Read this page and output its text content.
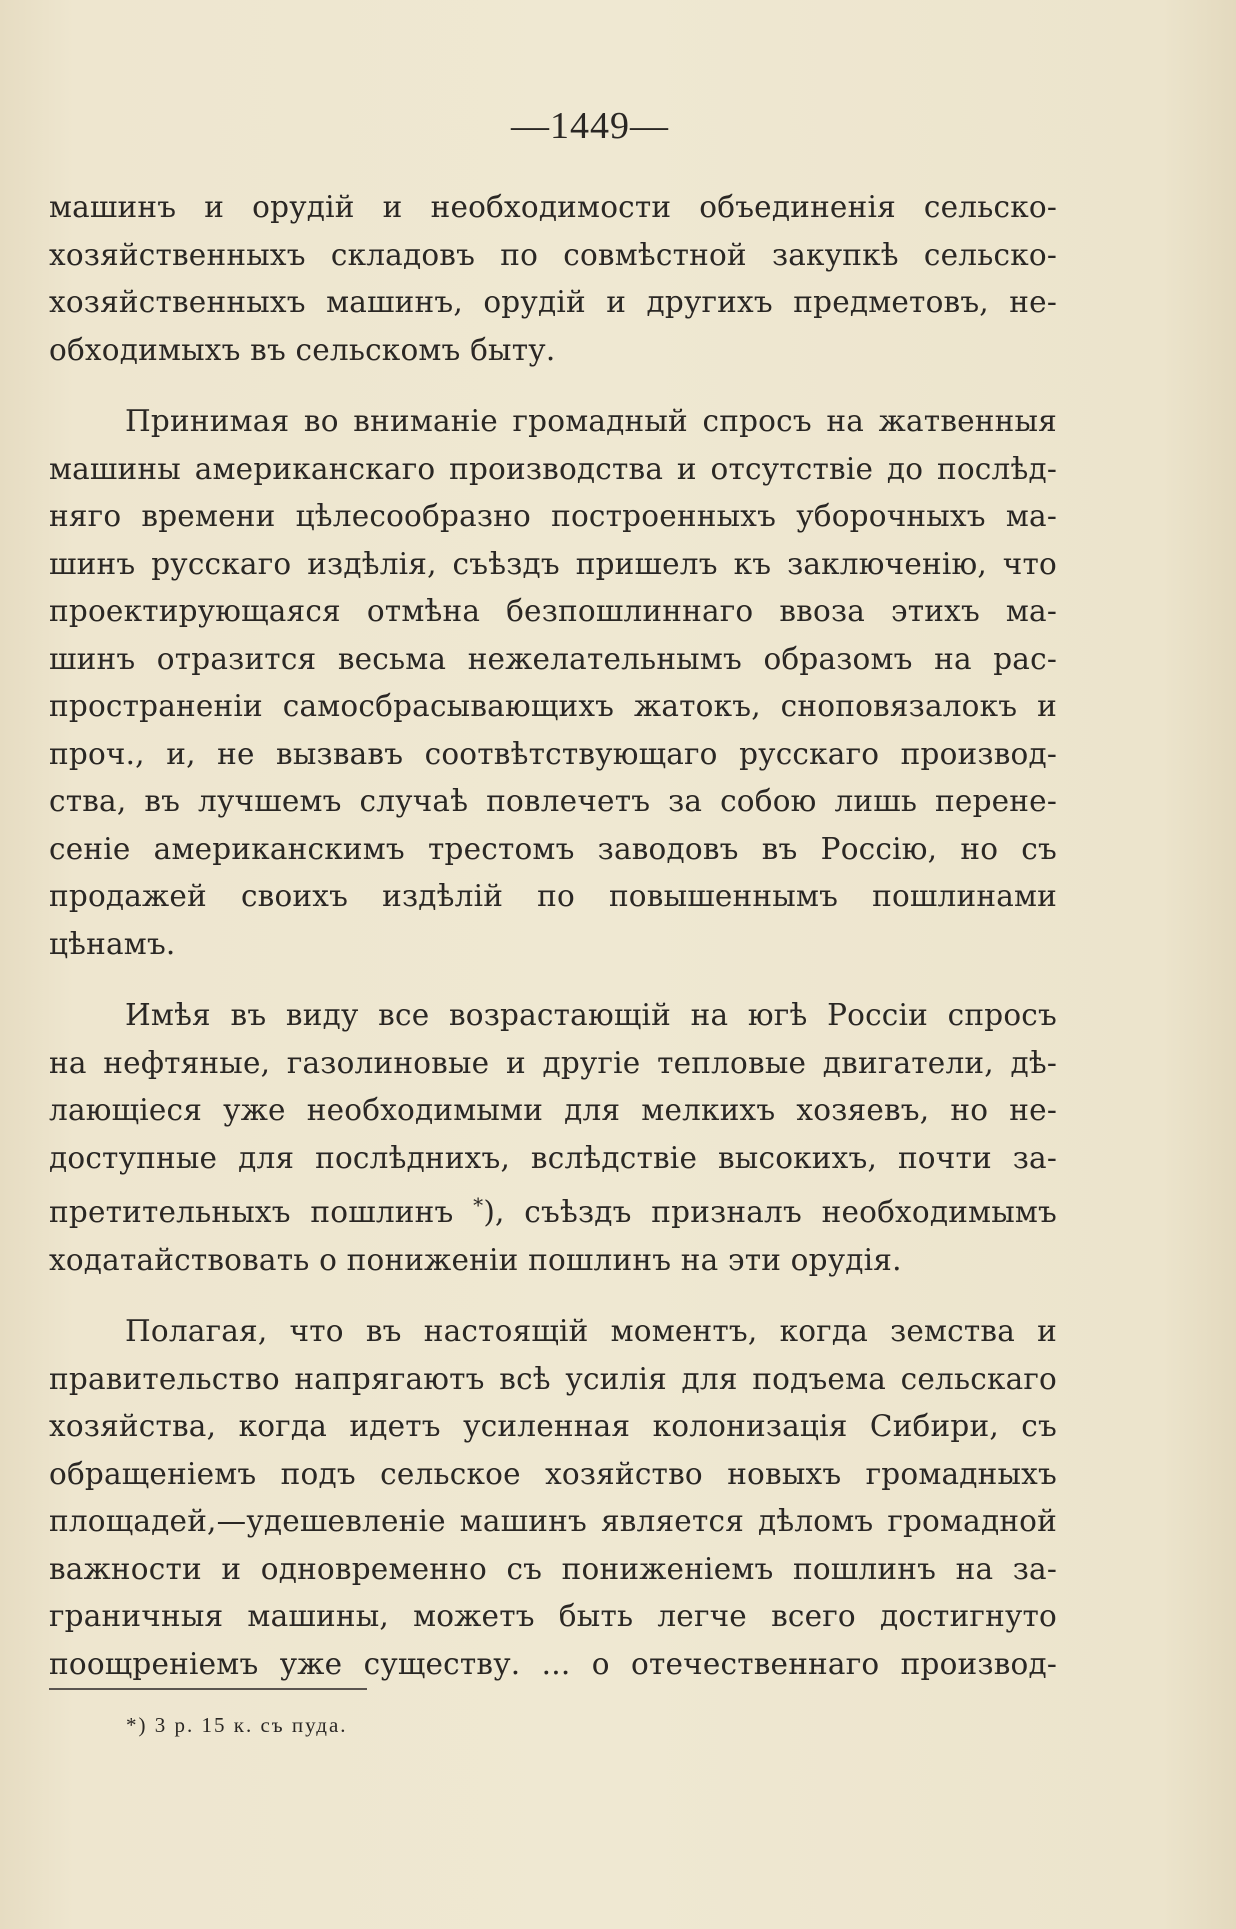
—1449—

машинъ и орудій и необходимости объединенія сельско-
хозяйственныхъ складовъ по совмѣстной закупкѣ сельско-
хозяйственныхъ машинъ, орудій и другихъ предметовъ, не-
обходимыхъ въ сельскомъ быту.

Принимая во вниманіе громадный спросъ на жатвенныя
машины американскаго производства и отсутствіе до послѣд-
няго времени цѣлесообразно построенныхъ уборочныхъ ма-
шинъ русскаго издѣлія, съѣздъ пришелъ къ заключенію, что
проектирующаяся отмѣна безпошлиннаго ввоза этихъ ма-
шинъ отразится весьма нежелательнымъ образомъ на рас-
пространеніи самосбрасывающихъ жатокъ, сноповязалокъ и
проч., и, не вызвавъ соотвѣтствующаго русскаго производ-
ства, въ лучшемъ случаѣ повлечетъ за собою лишь перене-
сеніе американскимъ трестомъ заводовъ въ Россію, но съ
продажей своихъ издѣлій по повышеннымъ пошлинами
цѣнамъ.

Имѣя въ виду все возрастающій на югѣ Россіи спросъ
на нефтяные, газолиновые и другіе тепловые двигатели, дѣ-
лающіеся уже необходимыми для мелкихъ хозяевъ, но не-
доступные для послѣднихъ, вслѣдствіе высокихъ, почти за-
претительныхъ пошлинъ *), съѣздъ призналъ необходимымъ
ходатайствовать о пониженіи пошлинъ на эти орудія.

Полагая, что въ настоящій моментъ, когда земства и
правительство напрягаютъ всѣ усилія для подъема сельскаго
хозяйства, когда идетъ усиленная колонизація Сибири, съ
обращеніемъ подъ сельское хозяйство новыхъ громадныхъ
площадей,—удешевленіе машинъ является дѣломъ громадной
важности и одновременно съ пониженіемъ пошлинъ на за-
граничныя машины, можетъ быть легче всего достигнуто
поощреніемъ уже существу. ... о отечественнаго производ-

*) 3 р. 15 к. съ пуда.
